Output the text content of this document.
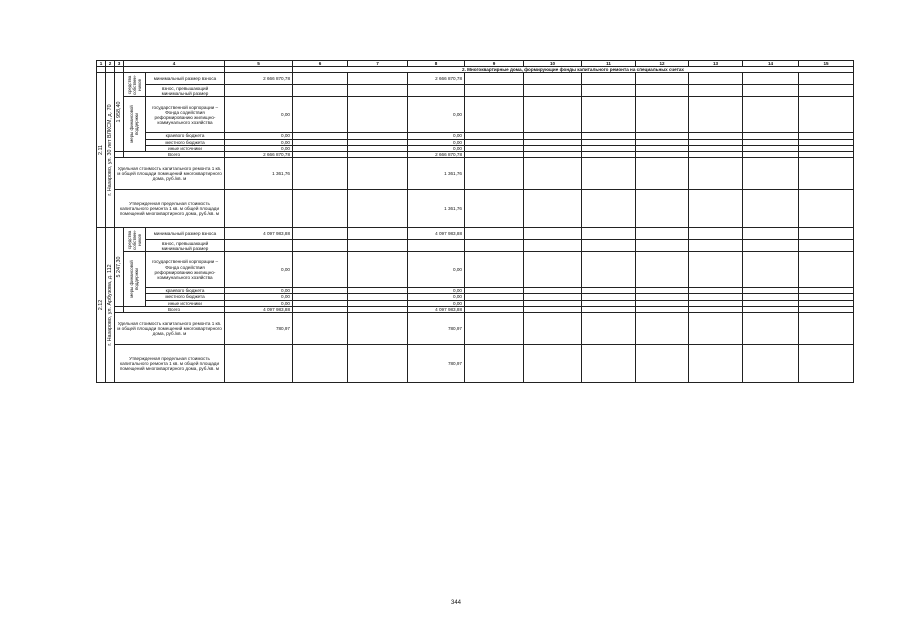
1	2	3	4		5	6	7	8	9	10	11	12	13	14	15
						2. Многоквартирные дома, формирующие фонды капитального ремонта на специальных счетах									

2.11	г. Назарово, ул. 30 лет ВЛКСМ, д. 70	1 958,40	средства собствен-ников	минимальный размер взноса	2 666 870,78			2 666 870,78							
				взнос, превышающий минимальный размер											

			меры финансовой поддержки	государственной корпорации – Фонда содействия реформированию жилищно-коммунального хозяйства	0,00			0,00							
				краевого бюджета	0,00			0,00							
				местного бюджета	0,00			0,00							
				иные источники	0,00			0,00							
			Всего		2 666 870,78			2 666 870,78							
		Удельная стоимость капитального ремонта 1 кв. м общей площади помещений многоквартирного дома, руб./кв. м			1 361,76			1 361,76							
		Утвержденная предельная стоимость капитального ремонта 1 кв. м общей площади помещений многоквартирного дома, руб./кв. м						1 361,76							

2.12	г. Назарово, ул. Арбузова, д. 112	5 247,30	средства собствен-ников	минимальный размер взноса	4 097 983,88			4 097 983,88							
				взнос, превышающий минимальный размер											

			меры финансовой поддержки	государственной корпорации – Фонда содействия реформированию жилищно-коммунального хозяйства	0,00			0,00							
				краевого бюджета	0,00			0,00							
				местного бюджета	0,00			0,00							
				иные источники	0,00			0,00							
			Всего		4 097 983,88			4 097 983,88							
		Удельная стоимость капитального ремонта 1 кв. м общей площади помещений многоквартирного дома, руб./кв. м			780,97			780,97							
		Утвержденная предельная стоимость капитального ремонта 1 кв. м общей площади помещений многоквартирного дома, руб./кв. м						780,97							
344
